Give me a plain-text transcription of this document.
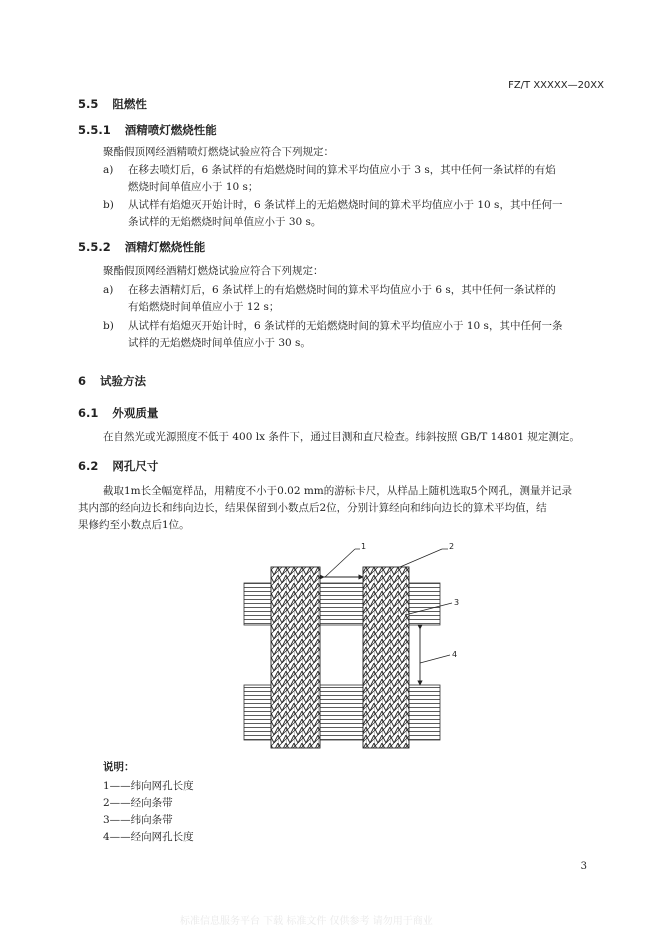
FZ/T XXXXX—20XX
5.5 阻燃性
5.5.1 酒精喷灯燃烧性能
聚酯假顶网经酒精喷灯燃烧试验应符合下列规定：
a) 在移去喷灯后，6 条试样的有焰燃烧时间的算术平均值应小于 3 s，其中任何一条试样的有焰
燃烧时间单值应小于 10 s；
b) 从试样有焰熄灭开始计时，6 条试样上的无焰燃烧时间的算术平均值应小于 10 s，其中任何一
条试样的无焰燃烧时间单值应小于 30 s。
5.5.2 酒精灯燃烧性能
聚酯假顶网经酒精灯燃烧试验应符合下列规定：
a) 在移去酒精灯后，6 条试样上的有焰燃烧时间的算术平均值应小于 6 s，其中任何一条试样的
有焰燃烧时间单值应小于 12 s；
b) 从试样有焰熄灭开始计时，6 条试样的无焰燃烧时间的算术平均值应小于 10 s，其中任何一条
试样的无焰燃烧时间单值应小于 30 s。
6 试验方法
6.1 外观质量
在自然光或光源照度不低于 400 lx 条件下，通过目测和直尺检查。纬斜按照 GB/T 14801 规定测定。
6.2 网孔尺寸
截取1m长全幅宽样品，用精度不小于0.02 mm的游标卡尺，从样品上随机选取5个网孔，测量并记录
其内部的经向边长和纬向边长，结果保留到小数点后2位，分别计算经向和纬向边长的算术平均值，结
果修约至小数点后1位。
1	2
3
4
说明：
1——纬向网孔长度
2——经向条带
3——纬向条带
4——经向网孔长度
3
标准信息服务平台 下载 标准文件 仅供参考 请勿用于商业
